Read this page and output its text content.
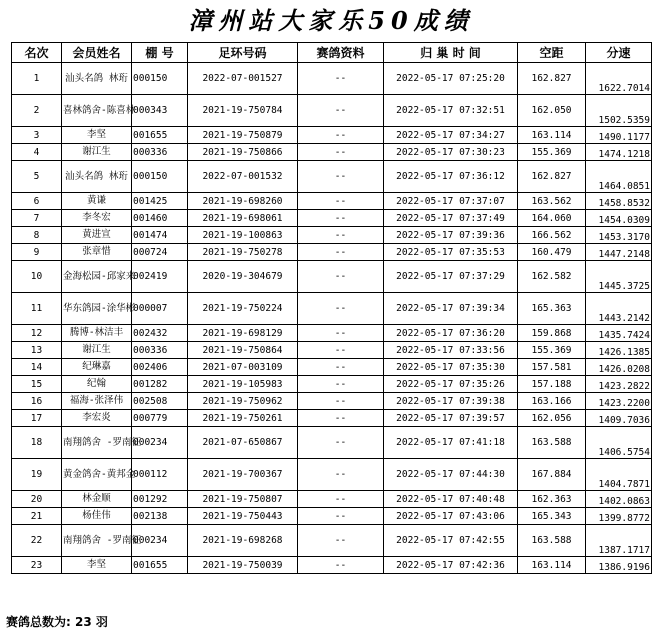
漳州站大家乐50成绩
名次	会员姓名	棚 号	足环号码	赛鸽资料	归 巢 时 间	空距	分速
1	汕头名鸽 林珩	000150	2022-07-001527	--	2022-05-17 07:25:20	162.827	1622.7014
2	喜林鸽舍-陈喜林	000343	2021-19-750784	--	2022-05-17 07:32:51	162.050	1502.5359
3	李坚	001655	2021-19-750879	--	2022-05-17 07:34:27	163.114	1490.1177
4	谢江生	000336	2021-19-750866	--	2022-05-17 07:30:23	155.369	1474.1218
5	汕头名鸽 林珩	000150	2022-07-001532	--	2022-05-17 07:36:12	162.827	1464.0851
6	黄谦	001425	2021-19-698260	--	2022-05-17 07:37:07	163.562	1458.8532
7	李冬宏	001460	2021-19-698061	--	2022-05-17 07:37:49	164.060	1454.0309
8	黄进宣	001474	2021-19-100863	--	2022-05-17 07:39:36	166.562	1453.3170
9	张章惜	000724	2021-19-750278	--	2022-05-17 07:35:53	160.479	1447.2148
10	金海松园-邱家来	002419	2020-19-304679	--	2022-05-17 07:37:29	162.582	1445.3725
11	华东鸽园-涂华彬	000007	2021-19-750224	--	2022-05-17 07:39:34	165.363	1443.2142
12	腾博-林洁丰	002432	2021-19-698129	--	2022-05-17 07:36:20	159.868	1435.7424
13	谢江生	000336	2021-19-750864	--	2022-05-17 07:33:56	155.369	1426.1385
14	纪琳嘉	002406	2021-07-003109	--	2022-05-17 07:35:30	157.581	1426.0208
15	纪翰	001282	2021-19-105983	--	2022-05-17 07:35:26	157.188	1423.2822
16	福海-张泽伟	002508	2021-19-750962	--	2022-05-17 07:39:38	163.166	1423.2200
17	李宏炎	000779	2021-19-750261	--	2022-05-17 07:39:57	162.056	1409.7036
18	南翔鸽舍 -罗南征	000234	2021-07-650867	--	2022-05-17 07:41:18	163.588	1406.5754
19	黄金鸽舍-黄邦金	000112	2021-19-700367	--	2022-05-17 07:44:30	167.884	1404.7871
20	林金顺	001292	2021-19-750807	--	2022-05-17 07:40:48	162.363	1402.0863
21	杨佳伟	002138	2021-19-750443	--	2022-05-17 07:43:06	165.343	1399.8772
22	南翔鸽舍 -罗南征	000234	2021-19-698268	--	2022-05-17 07:42:55	163.588	1387.1717
23	李坚	001655	2021-19-750039	--	2022-05-17 07:42:36	163.114	1386.9196
赛鸽总数为: 23 羽
